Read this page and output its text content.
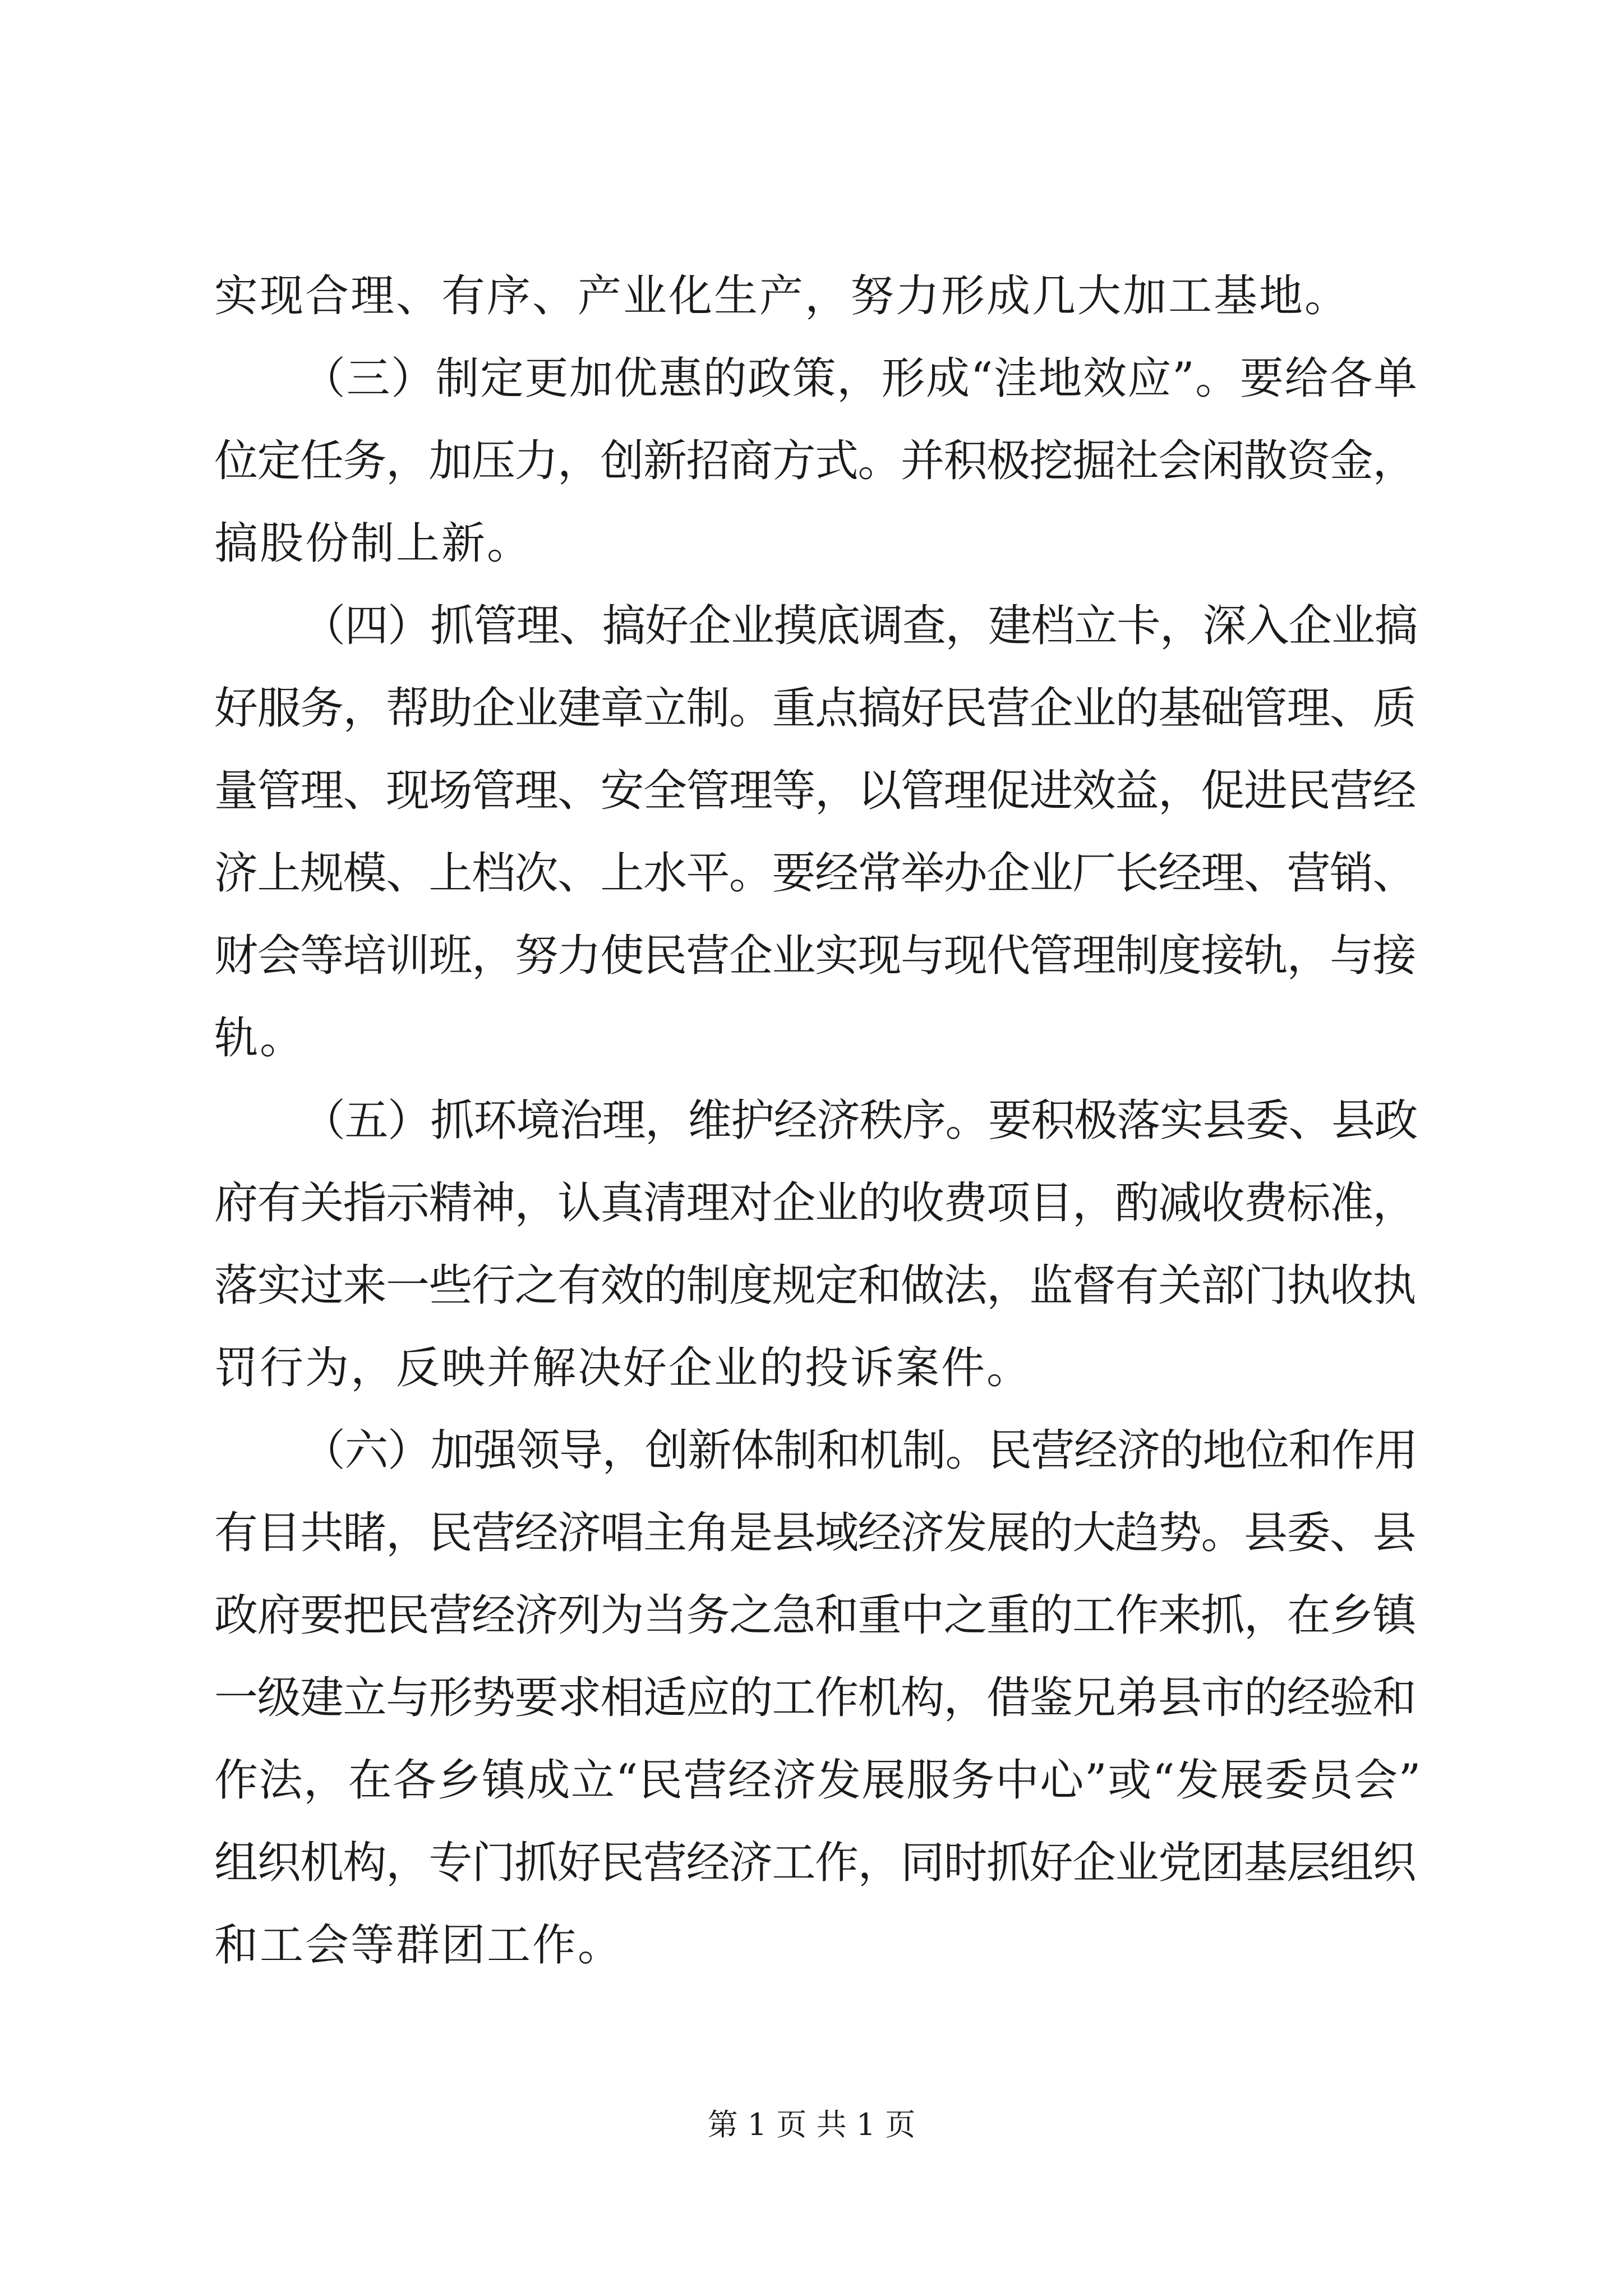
实现合理、有序、产业化生产，努力形成几大加工基地。
（三）制定更加优惠的政策，形成“洼地效应”。要给各单
位定任务，加压力，创新招商方式。并积极挖掘社会闲散资金，
搞股份制上新。
（四）抓管理、搞好企业摸底调查，建档立卡，深入企业搞
好服务，帮助企业建章立制。重点搞好民营企业的基础管理、质
量管理、现场管理、安全管理等，以管理促进效益，促进民营经
济上规模、上档次、上水平。要经常举办企业厂长经理、营销、
财会等培训班，努力使民营企业实现与现代管理制度接轨，与接
轨。
（五）抓环境治理，维护经济秩序。要积极落实县委、县政
府有关指示精神，认真清理对企业的收费项目，酌减收费标准，
落实过来一些行之有效的制度规定和做法，监督有关部门执收执
罚行为，反映并解决好企业的投诉案件。
（六）加强领导，创新体制和机制。民营经济的地位和作用
有目共睹，民营经济唱主角是县域经济发展的大趋势。县委、县
政府要把民营经济列为当务之急和重中之重的工作来抓，在乡镇
一级建立与形势要求相适应的工作机构，借鉴兄弟县市的经验和
作法，在各乡镇成立“民营经济发展服务中心”或“发展委员会”
组织机构，专门抓好民营经济工作，同时抓好企业党团基层组织
和工会等群团工作。
第 1 页 共 1 页
